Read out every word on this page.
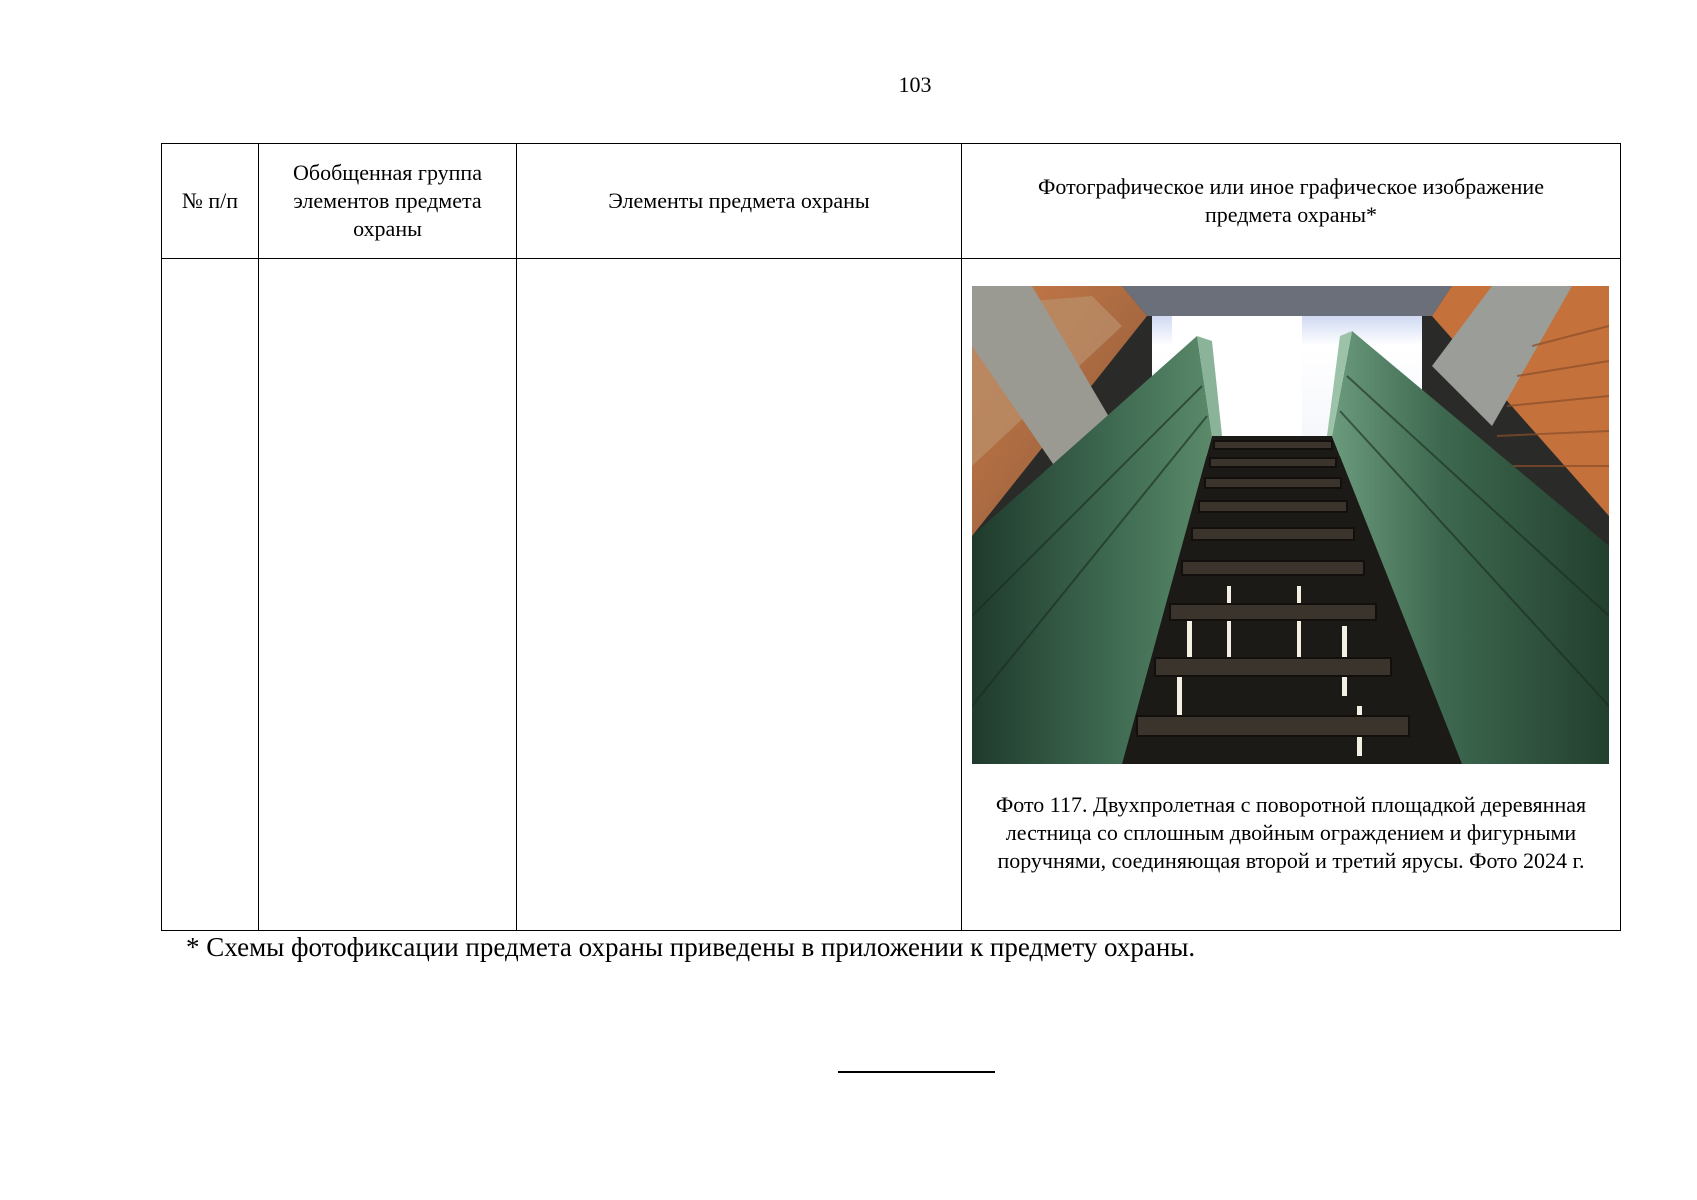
103
№ п/п	Обобщенная группа элементов предмета охраны	Элементы предмета охраны	Фотографическое или иное графическое изображение предмета охраны*

			Фото 117. Двухпролетная с поворотной площадкой деревянная лестница со сплошным двойным ограждением и фигурными поручнями, соединяющая второй и третий ярусы. Фото 2024 г.
* Схемы фотофиксации предмета охраны приведены в приложении к предмету охраны.
